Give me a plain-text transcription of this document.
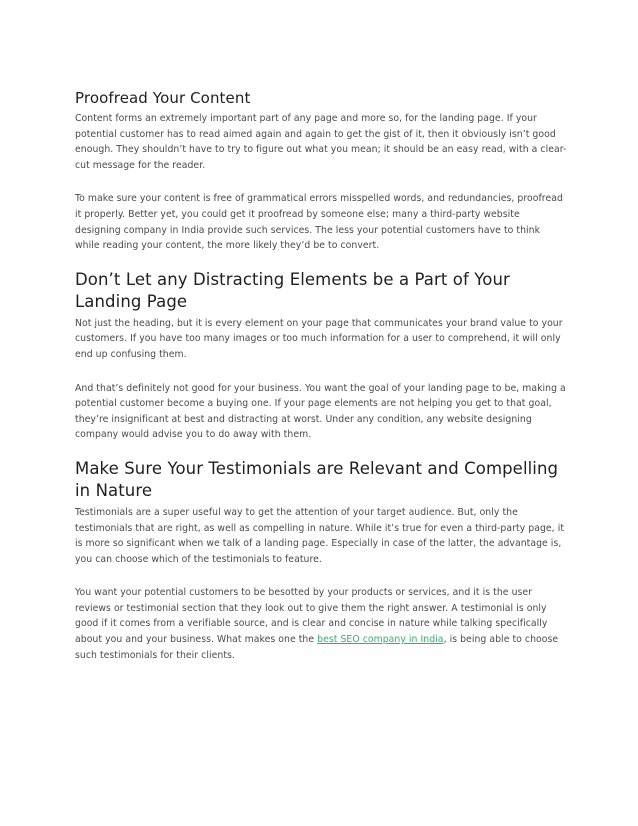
Proofread Your Content

Content forms an extremely important part of any page and more so, for the landing page. If your potential customer has to read aimed again and again to get the gist of it, then it obviously isn’t good enough. They shouldn’t have to try to figure out what you mean; it should be an easy read, with a clear-cut message for the reader.

To make sure your content is free of grammatical errors misspelled words, and redundancies, proofread it properly. Better yet, you could get it proofread by someone else; many a third-party website designing company in India provide such services. The less your potential customers have to think while reading your content, the more likely they’d be to convert.

Don’t Let any Distracting Elements be a Part of Your Landing Page

Not just the heading, but it is every element on your page that communicates your brand value to your customers. If you have too many images or too much information for a user to comprehend, it will only end up confusing them.

And that’s definitely not good for your business. You want the goal of your landing page to be, making a potential customer become a buying one. If your page elements are not helping you get to that goal, they’re insignificant at best and distracting at worst. Under any condition, any website designing company would advise you to do away with them.

Make Sure Your Testimonials are Relevant and Compelling in Nature

Testimonials are a super useful way to get the attention of your target audience. But, only the testimonials that are right, as well as compelling in nature. While it’s true for even a third-party page, it is more so significant when we talk of a landing page. Especially in case of the latter, the advantage is, you can choose which of the testimonials to feature.

You want your potential customers to be besotted by your products or services, and it is the user reviews or testimonial section that they look out to give them the right answer. A testimonial is only good if it comes from a verifiable source, and is clear and concise in nature while talking specifically about you and your business. What makes one the best SEO company in India, is being able to choose such testimonials for their clients.
